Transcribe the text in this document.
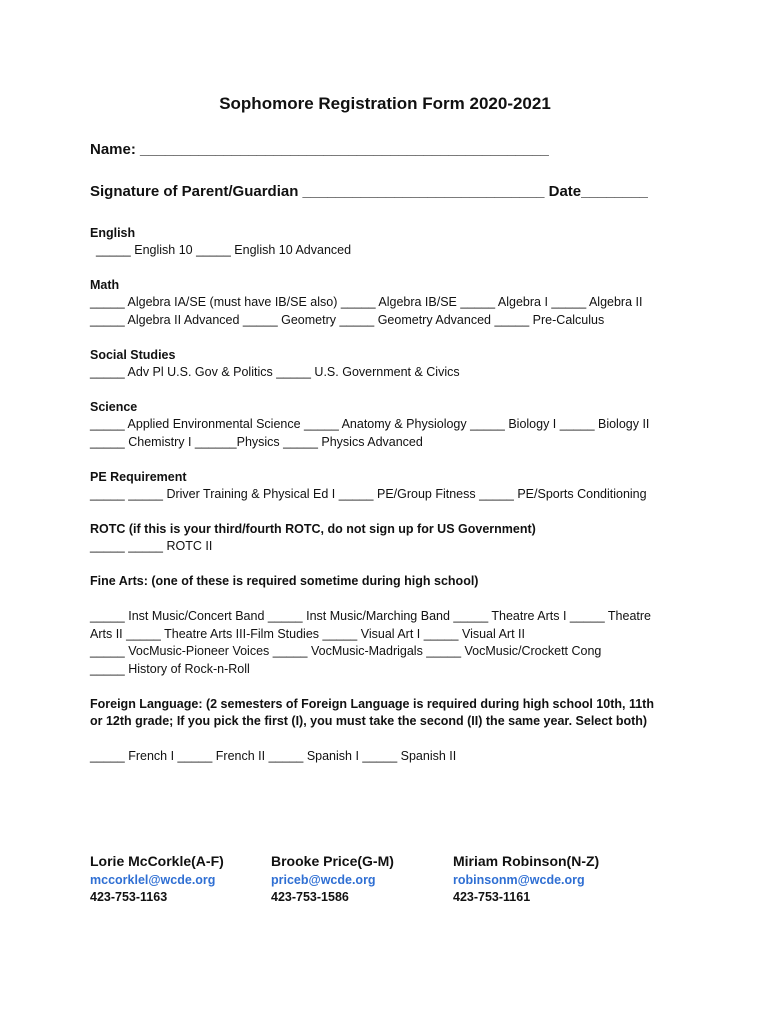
Sophomore Registration Form 2020-2021
Name: _________________________________________________
Signature of Parent/Guardian _____________________________ Date________
English
_____ English 10 _____ English 10 Advanced
Math
_____ Algebra IA/SE (must have IB/SE also) _____ Algebra IB/SE _____ Algebra I _____ Algebra II
_____ Algebra II Advanced _____ Geometry _____ Geometry Advanced _____ Pre-Calculus
Social Studies
_____ Adv Pl U.S. Gov & Politics _____ U.S. Government & Civics
Science
_____ Applied Environmental Science _____ Anatomy & Physiology _____ Biology I _____ Biology II
_____ Chemistry I ______Physics _____ Physics Advanced
PE Requirement
_____ _____ Driver Training & Physical Ed I _____ PE/Group Fitness _____ PE/Sports Conditioning
ROTC (if this is your third/fourth ROTC, do not sign up for US Government)
_____ _____ ROTC II
Fine Arts: (one of these is required sometime during high school)
_____ Inst Music/Concert Band _____ Inst Music/Marching Band _____ Theatre Arts I _____ Theatre
Arts II _____ Theatre Arts III-Film Studies _____ Visual Art I _____ Visual Art II
_____ VocMusic-Pioneer Voices _____ VocMusic-Madrigals _____ VocMusic/Crockett Cong
_____ History of Rock-n-Roll
Foreign Language: (2 semesters of Foreign Language is required during high school 10th, 11th
or 12th grade; If you pick the first (I), you must take the second (II) the same year. Select both)
_____ French I _____ French II _____ Spanish I _____ Spanish II
Lorie McCorkle(A-F)
mccorklel@wcde.org
423-753-1163
Brooke Price(G-M)
priceb@wcde.org
423-753-1586
Miriam Robinson(N-Z)
robinsonm@wcde.org
423-753-1161
